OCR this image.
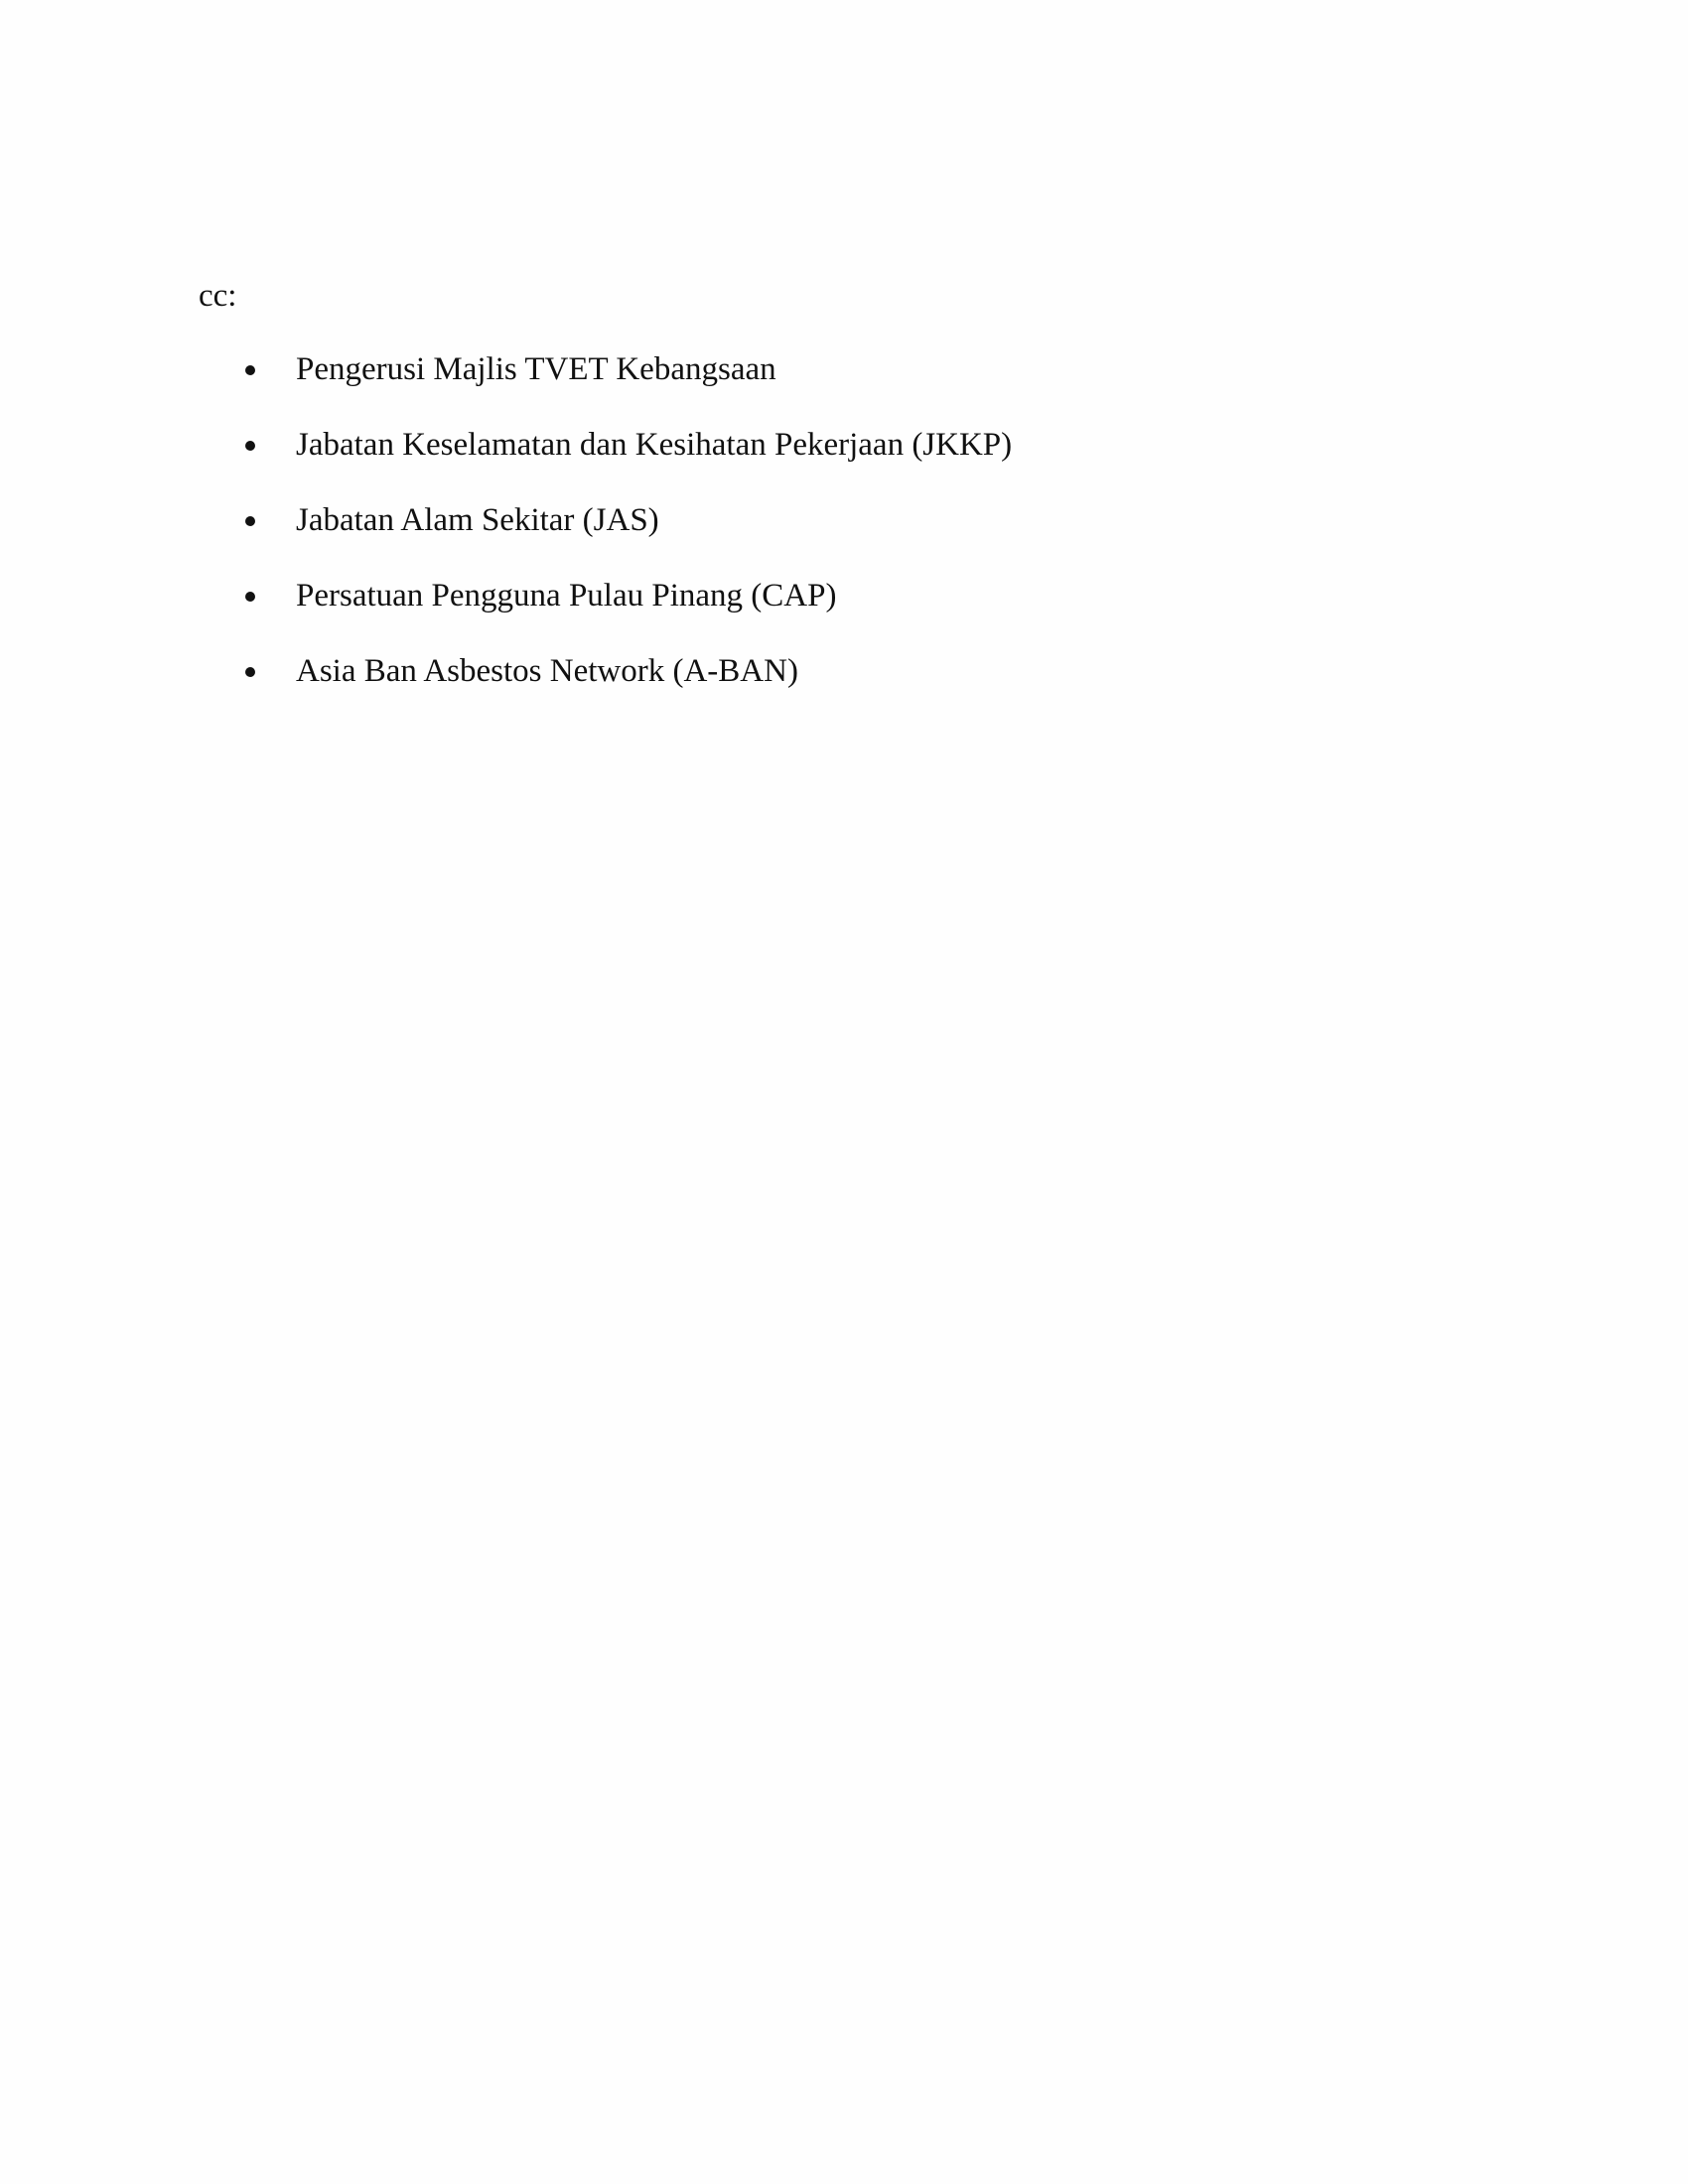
cc:

Pengerusi Majlis TVET Kebangsaan
Jabatan Keselamatan dan Kesihatan Pekerjaan (JKKP)
Jabatan Alam Sekitar (JAS)
Persatuan Pengguna Pulau Pinang (CAP)
Asia Ban Asbestos Network (A-BAN)
